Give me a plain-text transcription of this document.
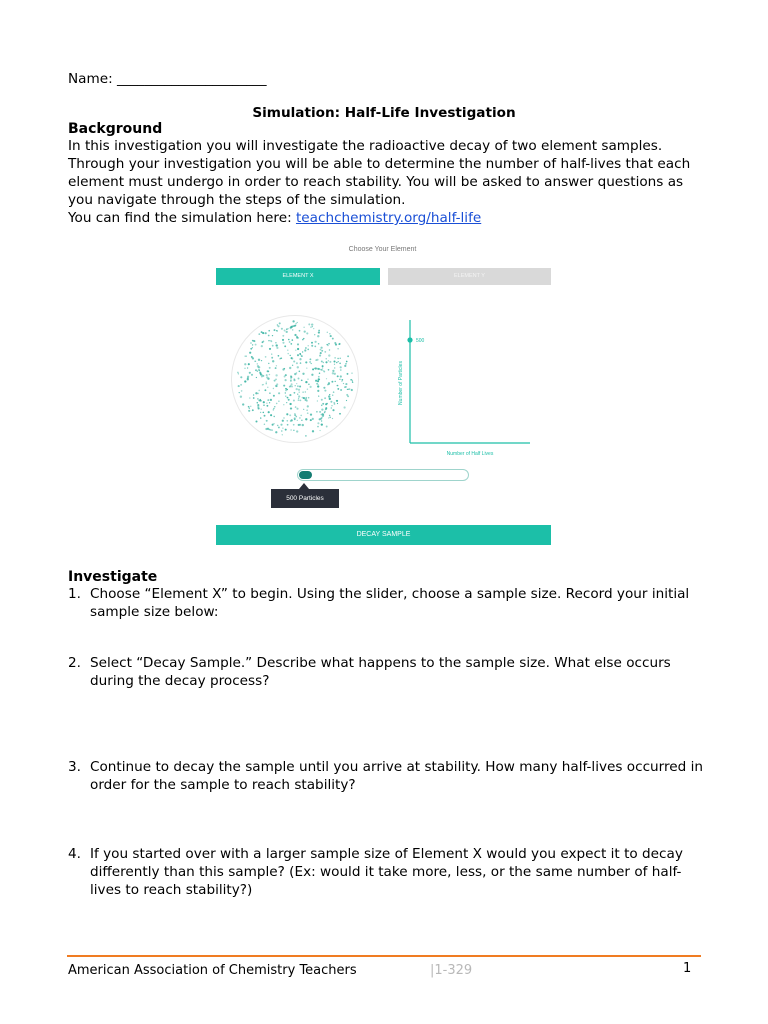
Name: ______________________
Simulation: Half-Life Investigation
Background

In this investigation you will investigate the radioactive decay of two element samples. Through your investigation you will be able to determine the number of half-lives that each element must undergo in order to reach stability. You will be asked to answer questions as you navigate through the steps of the simulation.

You can find the simulation here: teachchemistry.org/half-life

Choose Your Element
ELEMENT X	ELEMENT Y
500
Number of Particles
Number of Half Lives
500 Particles
DECAY SAMPLE
Investigate
1. Choose “Element X” to begin. Using the slider, choose a sample size. Record your initial sample size below:
2. Select “Decay Sample.” Describe what happens to the sample size. What else occurs during the decay process?
3. Continue to decay the sample until you arrive at stability. How many half-lives occurred in order for the sample to reach stability?
4. If you started over with a larger sample size of Element X would you expect it to decay differently than this sample? (Ex: would it take more, less, or the same number of half-lives to reach stability?)
American Association of Chemistry Teachers	|1-329	1
